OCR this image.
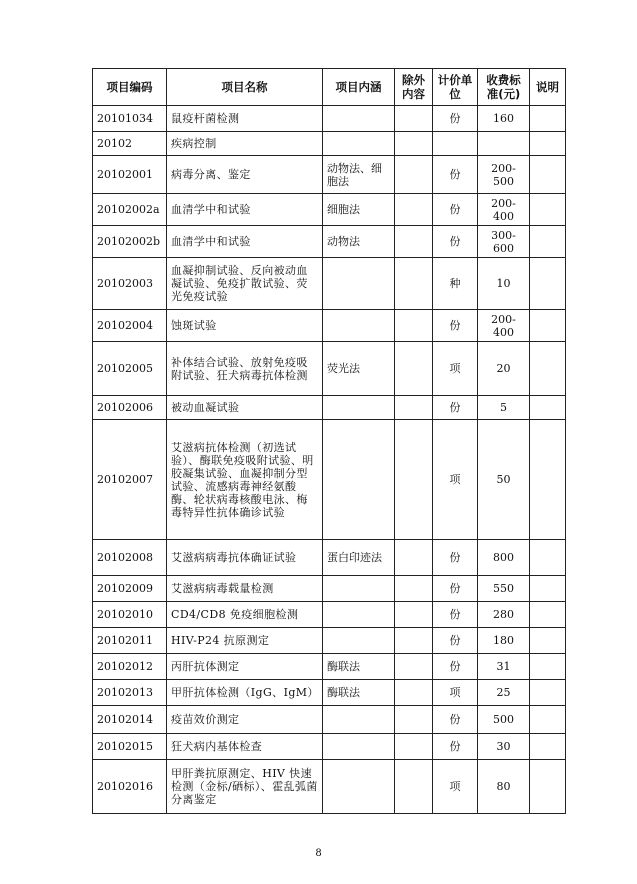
项目编码	项目名称	项目内涵	除外内容	计价单位	收费标准(元)	说明
20101034	鼠疫杆菌检测			份	160	
20102	疾病控制					
20102001	病毒分离、鉴定	动物法、细胞法		份	200-500	
20102002a	血清学中和试验	细胞法		份	200-400	
20102002b	血清学中和试验	动物法		份	300-600	
20102003	血凝抑制试验、反向被动血凝试验、免疫扩散试验、荧光免疫试验			种	10	
20102004	蚀斑试验			份	200-400	
20102005	补体结合试验、放射免疫吸附试验、狂犬病毒抗体检测	荧光法		项	20	
20102006	被动血凝试验			份	5	
20102007	艾滋病抗体检测（初选试验）、酶联免疫吸附试验、明胶凝集试验、血凝抑制分型试验、流感病毒神经氨酸酶、轮状病毒核酸电泳、梅毒特异性抗体确诊试验			项	50	
20102008	艾滋病病毒抗体确证试验	蛋白印迹法		份	800	
20102009	艾滋病病毒载量检测			份	550	
20102010	CD4/CD8 免疫细胞检测			份	280	
20102011	HIV-P24 抗原测定			份	180	
20102012	丙肝抗体测定	酶联法		份	31	
20102013	甲肝抗体检测（IgG、IgM）	酶联法		项	25	
20102014	疫苗效价测定			份	500	
20102015	狂犬病内基体检查			份	30	
20102016	甲肝粪抗原测定、HIV 快速检测（金标/硒标）、霍乱弧菌分离鉴定			项	80	
8
